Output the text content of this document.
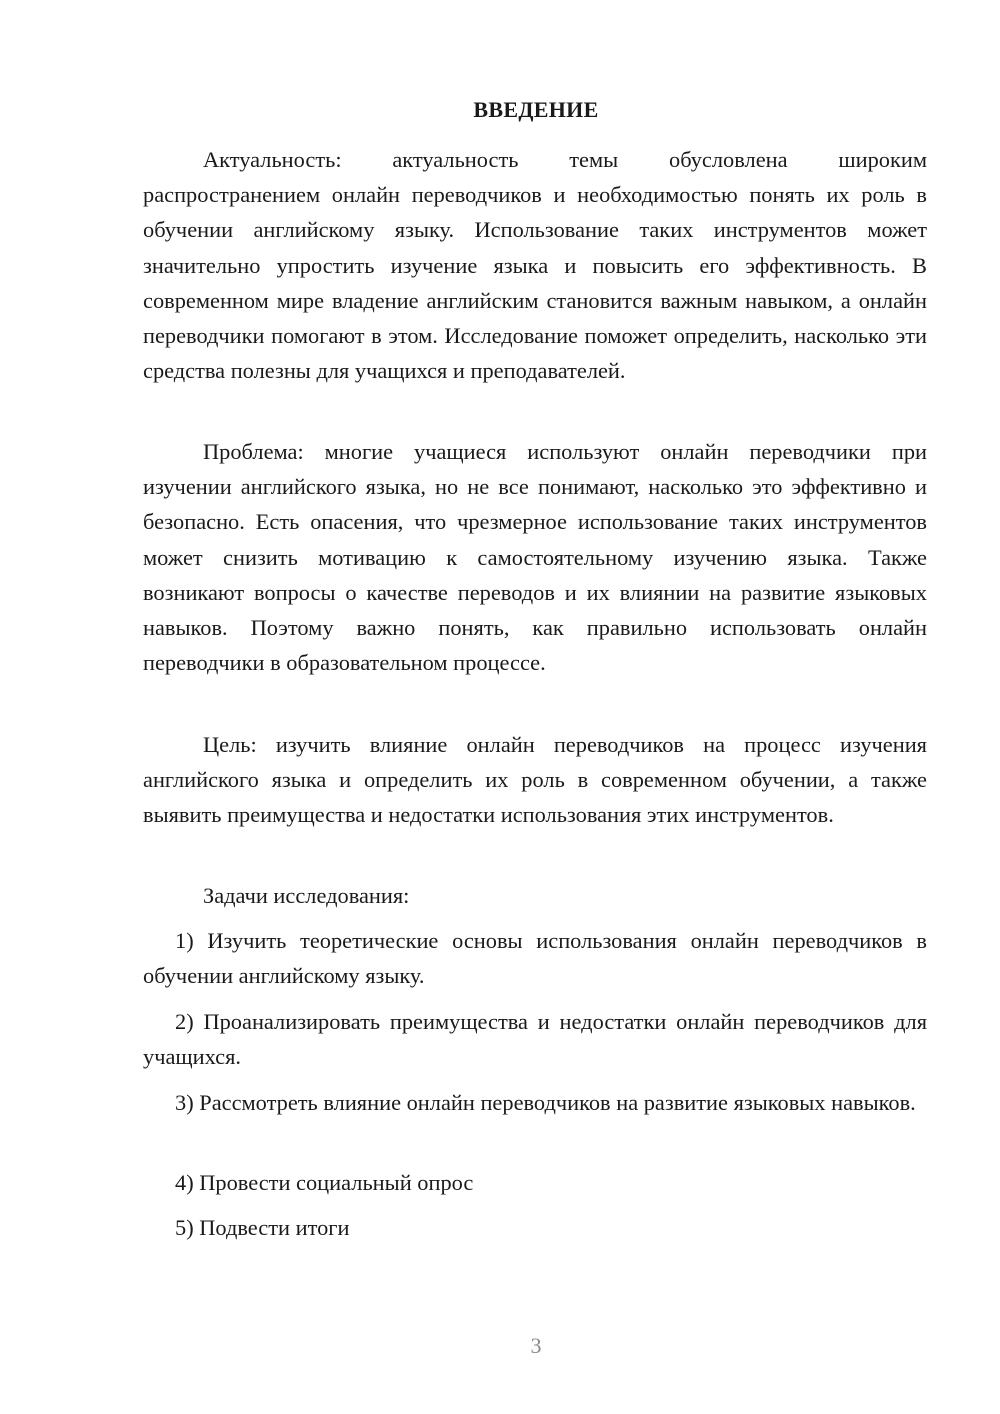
ВВЕДЕНИЕ

Актуальность: актуальность темы обусловлена широким распространением онлайн переводчиков и необходимостью понять их роль в обучении английскому языку. Использование таких инструментов может значительно упростить изучение языка и повысить его эффективность. В современном мире владение английским становится важным навыком, а онлайн переводчики помогают в этом. Исследование поможет определить, насколько эти средства полезны для учащихся и преподавателей.

Проблема: многие учащиеся используют онлайн переводчики при изучении английского языка, но не все понимают, насколько это эффективно и безопасно. Есть опасения, что чрезмерное использование таких инструментов может снизить мотивацию к самостоятельному изучению языка. Также возникают вопросы о качестве переводов и их влиянии на развитие языковых навыков. Поэтому важно понять, как правильно использовать онлайн переводчики в образовательном процессе.

Цель: изучить влияние онлайн переводчиков на процесс изучения английского языка и определить их роль в современном обучении, а также выявить преимущества и недостатки использования этих инструментов.

Задачи исследования:

1) Изучить теоретические основы использования онлайн переводчиков в обучении английскому языку.

2) Проанализировать преимущества и недостатки онлайн переводчиков для учащихся.

3) Рассмотреть влияние онлайн переводчиков на развитие языковых навыков.

4) Провести социальный опрос

5) Подвести итоги

3
